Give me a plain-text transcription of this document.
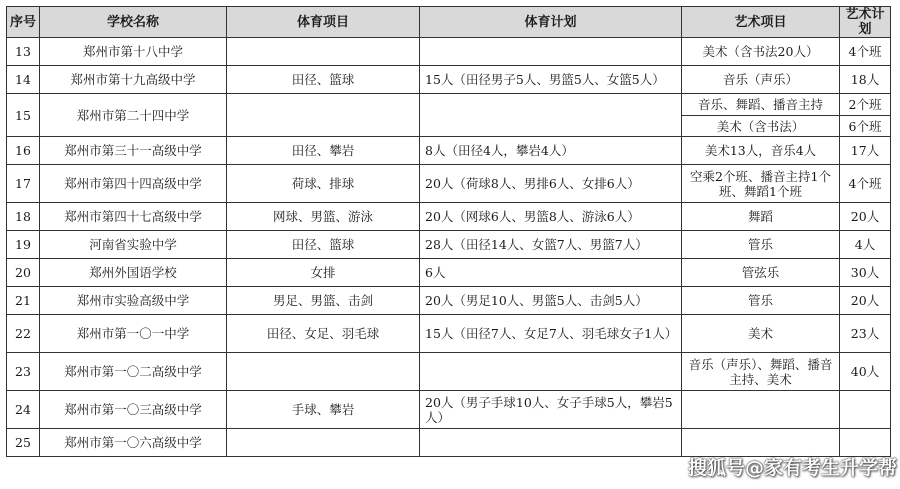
序号	学校名称	体育项目	体育计划	艺术项目	艺术计划
13	郑州市第十八中学			美术（含书法20人）	4个班
14	郑州市第十九高级中学	田径、篮球	15人（田径男子5人、男篮5人、女篮5人）	音乐（声乐）	18人
15	郑州市第二十四中学			音乐、舞蹈、播音主持	2个班
				美术（含书法）	6个班
16	郑州市第三十一高级中学	田径、攀岩	8人（田径4人，攀岩4人）	美术13人，音乐4人	17人
17	郑州市第四十四高级中学	荷球、排球	20人（荷球8人、男排6人、女排6人）	空乘2个班、播音主持1个班、舞蹈1个班	4个班
18	郑州市第四十七高级中学	网球、男篮、游泳	20人（网球6人、男篮8人、游泳6人）	舞蹈	20人
19	河南省实验中学	田径、篮球	28人（田径14人、女篮7人、男篮7人）	管乐	4人
20	郑州外国语学校	女排	6人	管弦乐	30人
21	郑州市实验高级中学	男足、男篮、击剑	20人（男足10人、男篮5人、击剑5人）	管乐	20人
22	郑州市第一〇一中学	田径、女足、羽毛球	15人（田径7人、女足7人、羽毛球女子1人）	美术	23人
23	郑州市第一〇二高级中学			音乐（声乐）、舞蹈、播音主持、美术	40人
24	郑州市第一〇三高级中学	手球、攀岩	20人（男子手球10人、女子手球5人，攀岩5人）		
25	郑州市第一〇六高级中学				
搜狐号@家有考生升学帮
